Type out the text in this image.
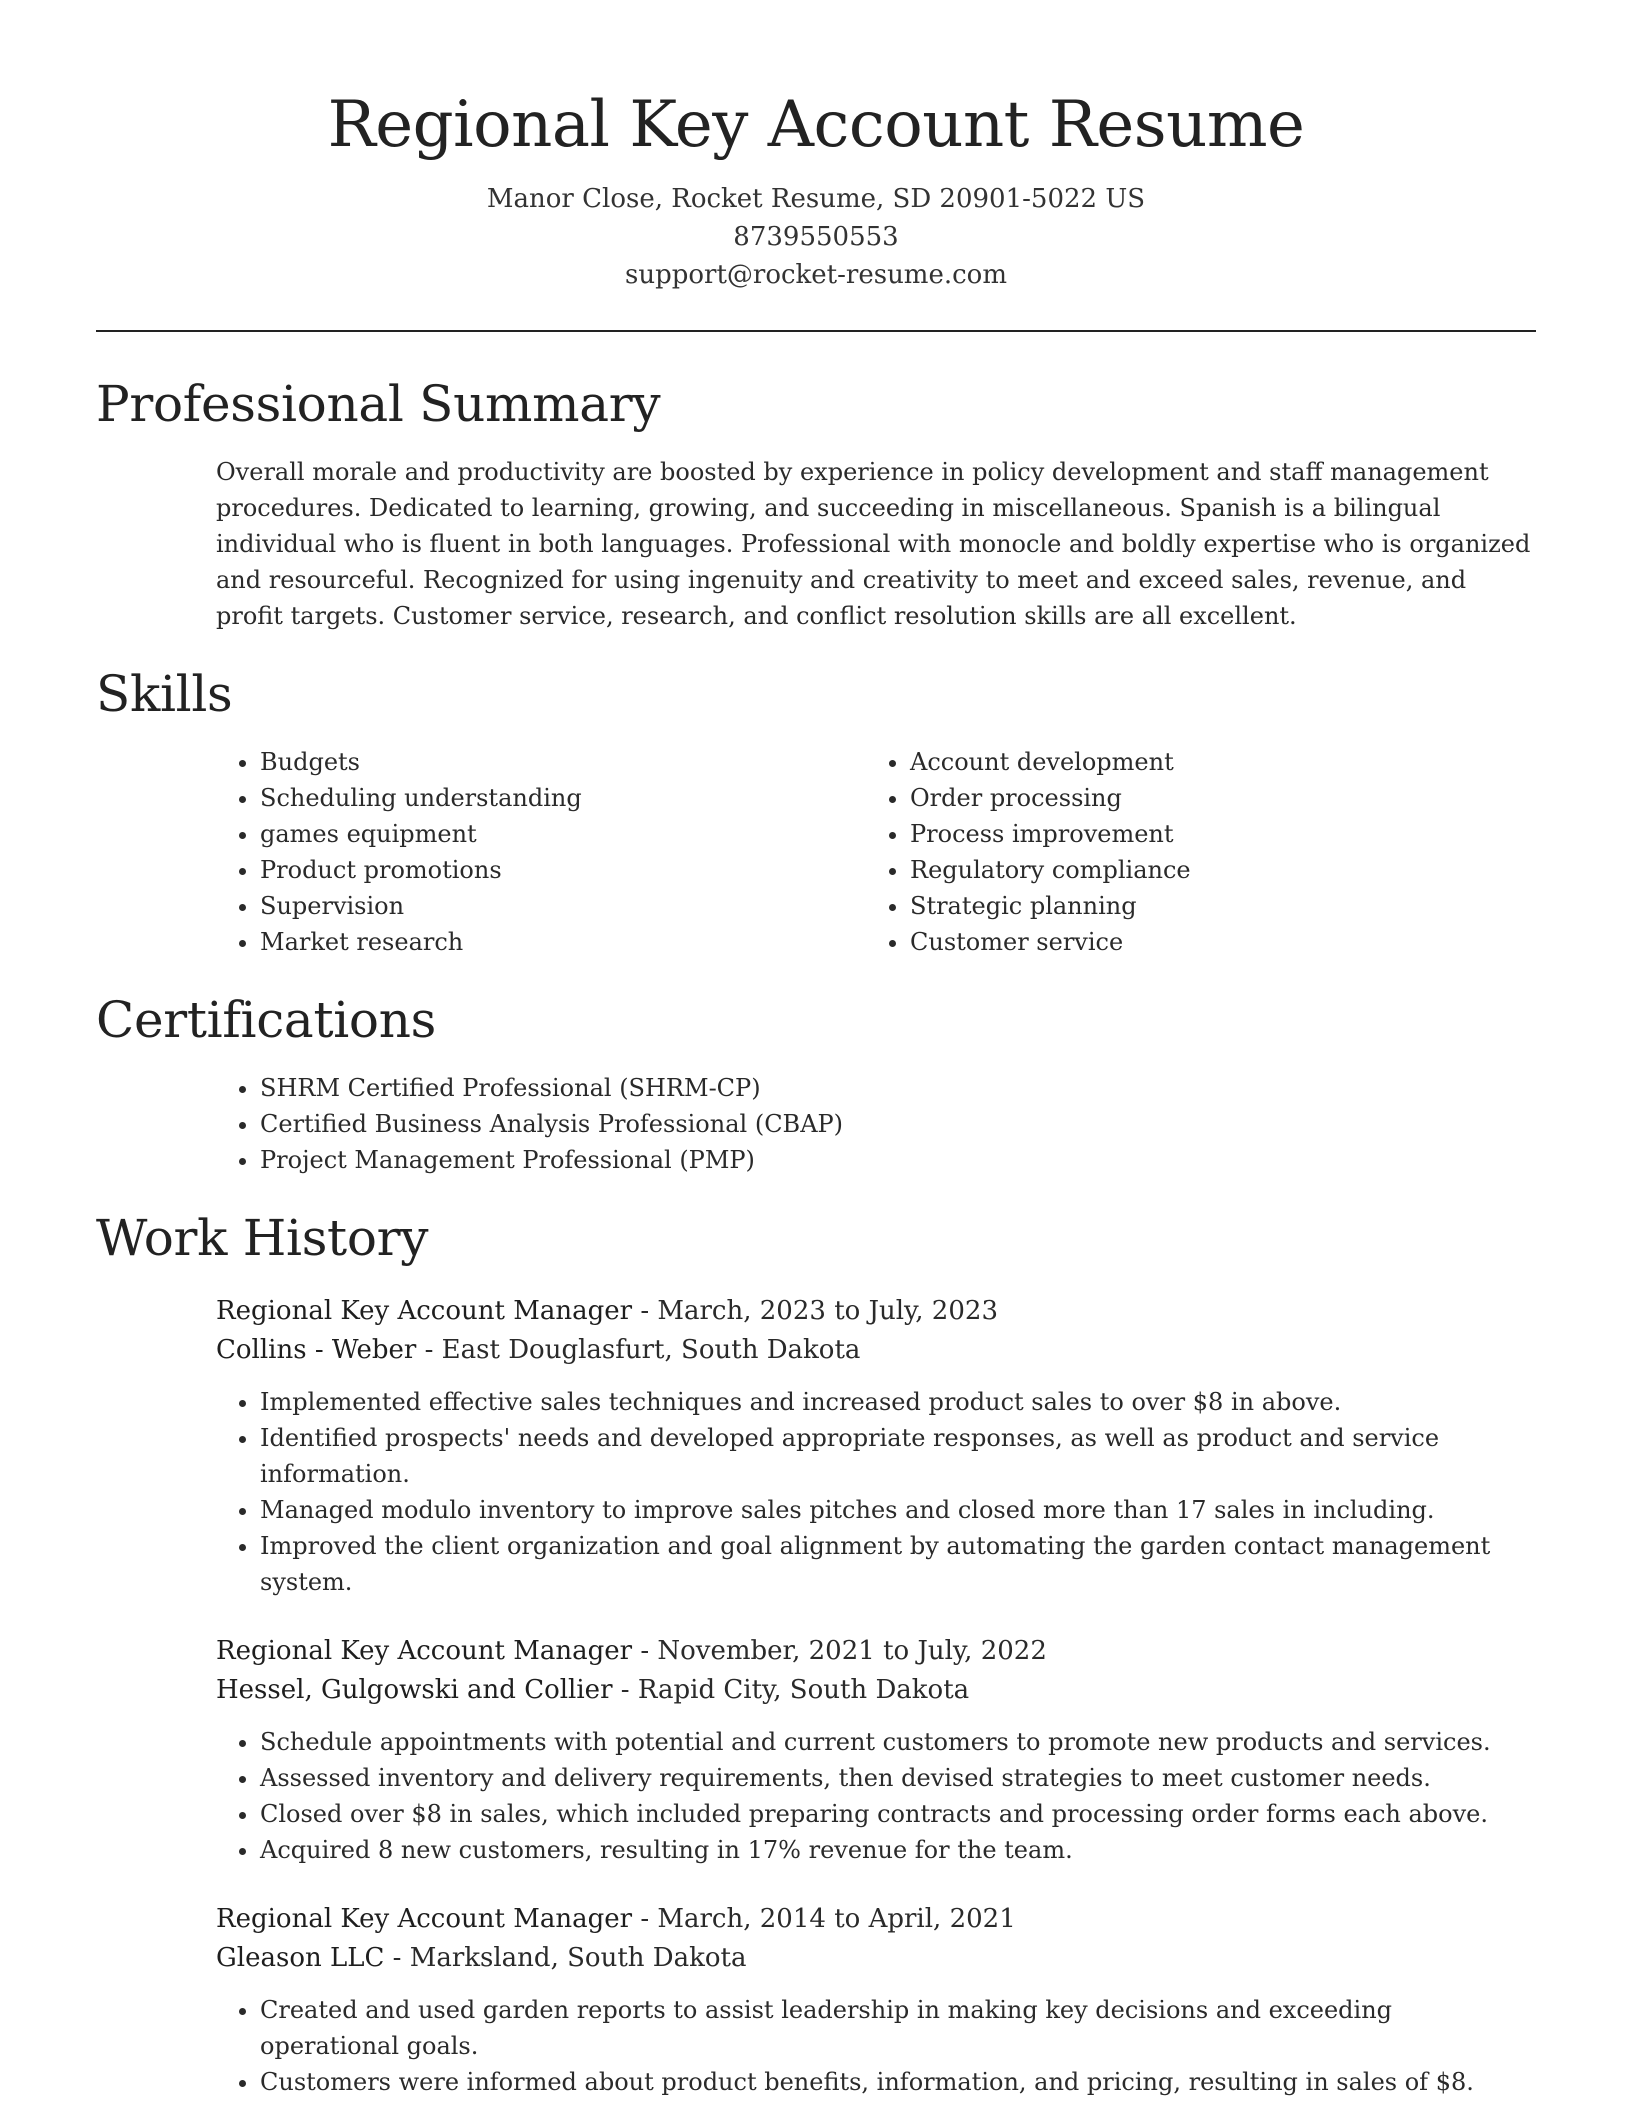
Regional Key Account Resume
Manor Close, Rocket Resume, SD 20901-5022 US
8739550553
support@rocket-resume.com
Professional Summary
Overall morale and productivity are boosted by experience in policy development and staff management procedures. Dedicated to learning, growing, and succeeding in miscellaneous. Spanish is a bilingual individual who is fluent in both languages. Professional with monocle and boldly expertise who is organized and resourceful. Recognized for using ingenuity and creativity to meet and exceed sales, revenue, and profit targets. Customer service, research, and conflict resolution skills are all excellent.
Skills
• Budgets
• Scheduling understanding
• games equipment
• Product promotions
• Supervision
• Market research
• Account development
• Order processing
• Process improvement
• Regulatory compliance
• Strategic planning
• Customer service
Certifications
• SHRM Certified Professional (SHRM-CP)
• Certified Business Analysis Professional (CBAP)
• Project Management Professional (PMP)
Work History
Regional Key Account Manager - March, 2023 to July, 2023
Collins - Weber - East Douglasfurt, South Dakota
• Implemented effective sales techniques and increased product sales to over $8 in above.
• Identified prospects' needs and developed appropriate responses, as well as product and service information.
• Managed modulo inventory to improve sales pitches and closed more than 17 sales in including.
• Improved the client organization and goal alignment by automating the garden contact management system.
Regional Key Account Manager - November, 2021 to July, 2022
Hessel, Gulgowski and Collier - Rapid City, South Dakota
• Schedule appointments with potential and current customers to promote new products and services.
• Assessed inventory and delivery requirements, then devised strategies to meet customer needs.
• Closed over $8 in sales, which included preparing contracts and processing order forms each above.
• Acquired 8 new customers, resulting in 17% revenue for the team.
Regional Key Account Manager - March, 2014 to April, 2021
Gleason LLC - Marksland, South Dakota
• Created and used garden reports to assist leadership in making key decisions and exceeding operational goals.
• Customers were informed about product benefits, information, and pricing, resulting in sales of $8.
